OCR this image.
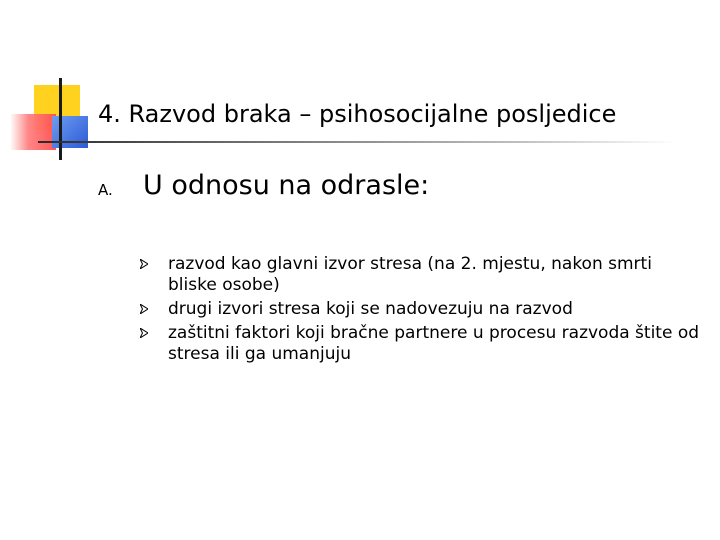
4. Razvod braka – psihosocijalne posljedice
A. U odnosu na odrasle:
razvod kao glavni izvor stresa (na 2. mjestu, nakon smrti bliske osobe)
drugi izvori stresa koji se nadovezuju na razvod
zaštitni faktori koji bračne partnere u procesu razvoda štite od stresa ili ga umanjuju
